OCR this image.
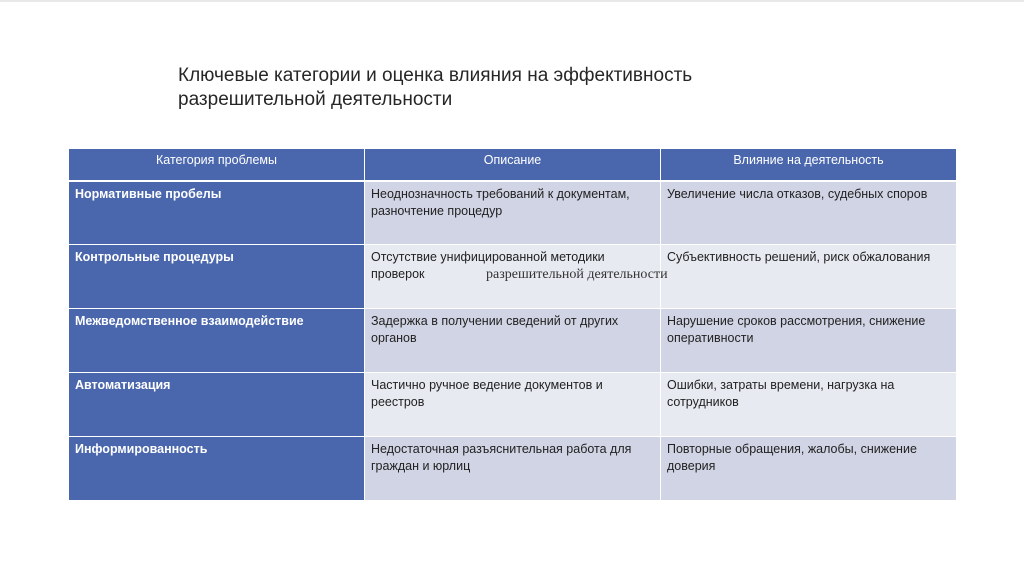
Ключевые категории и оценка влияния на эффективность
разрешительной деятельности
Категория проблемы	Описание	Влияние на деятельность
Нормативные пробелы	Неоднозначность требований к документам, разночтение процедур	Увеличение числа отказов, судебных споров
Контрольные процедуры	Отсутствие унифицированной методики проверок	Субъективность решений, риск обжалования
Межведомственное взаимодействие	Задержка в получении сведений от других органов	Нарушение сроков рассмотрения, снижение оперативности
Автоматизация	Частично ручное ведение документов и реестров	Ошибки, затраты времени, нагрузка на сотрудников
Информированность	Недостаточная разъяснительная работа для граждан и юрлиц	Повторные обращения, жалобы, снижение доверия
разрешительной деятельности
